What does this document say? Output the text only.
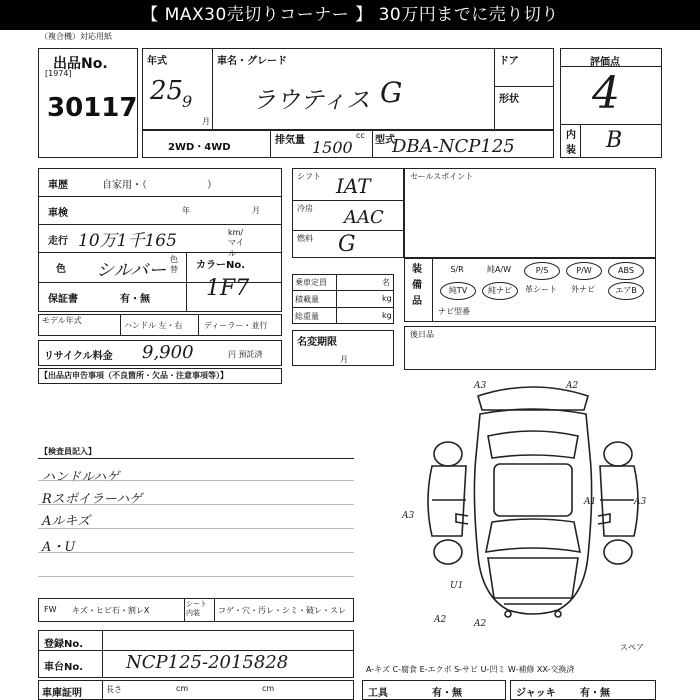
【 MAX30売切りコーナー 】 30万円までに売り切り
（複合機）対応用紙
出品No.
[1974]
30117
年式
25
9
月
車名・グレード
ラウティス G
ドア
形状
2WD・4WD
排気量	cc
1500 型式
DBA-NCP125
評価点
4
内
装 B
車歴	自家用・（　　　　　　）
車検	年	月
走行 10万1千165	km/マイル
色 シルバー
色替	カラーNo.
1F7
保証書	有・無
モデル年式
ハンドル 左・右	ディーラー・並行
リサイクル料金 9,900	円 預託済
シフト IAT
冷房 AAC
燃料 G
乗車定員	名
積載量	kg
総重量	kg
名変期限
月
セールスポイント
装備品
S/R	純A/W	P/S	P/W	ABS
純TV	純ナビ	革シート	外ナビ	エアB
ナビ型番
後日品
【出品店申告事項（不良箇所・欠品・注意事項等）】
【検査員記入】
ハンドルハゲ
Rスポイラーハゲ
Aルキズ
A・U
A3	A2
A3
A1	A3
U1
A2	A2
スペア
FW キズ・ヒビ石・割レX
シート内装	コゲ・穴・汚レ・シミ・破レ・スレ
登録No.
車台No. NCP125-2015828	A-キズ C-腐食 E-エクボ S-サビ U-凹ミ W-補修 XX-交換済
車庫証明	長さ	cm	cm	工具	有・無	ジャッキ 有・無
